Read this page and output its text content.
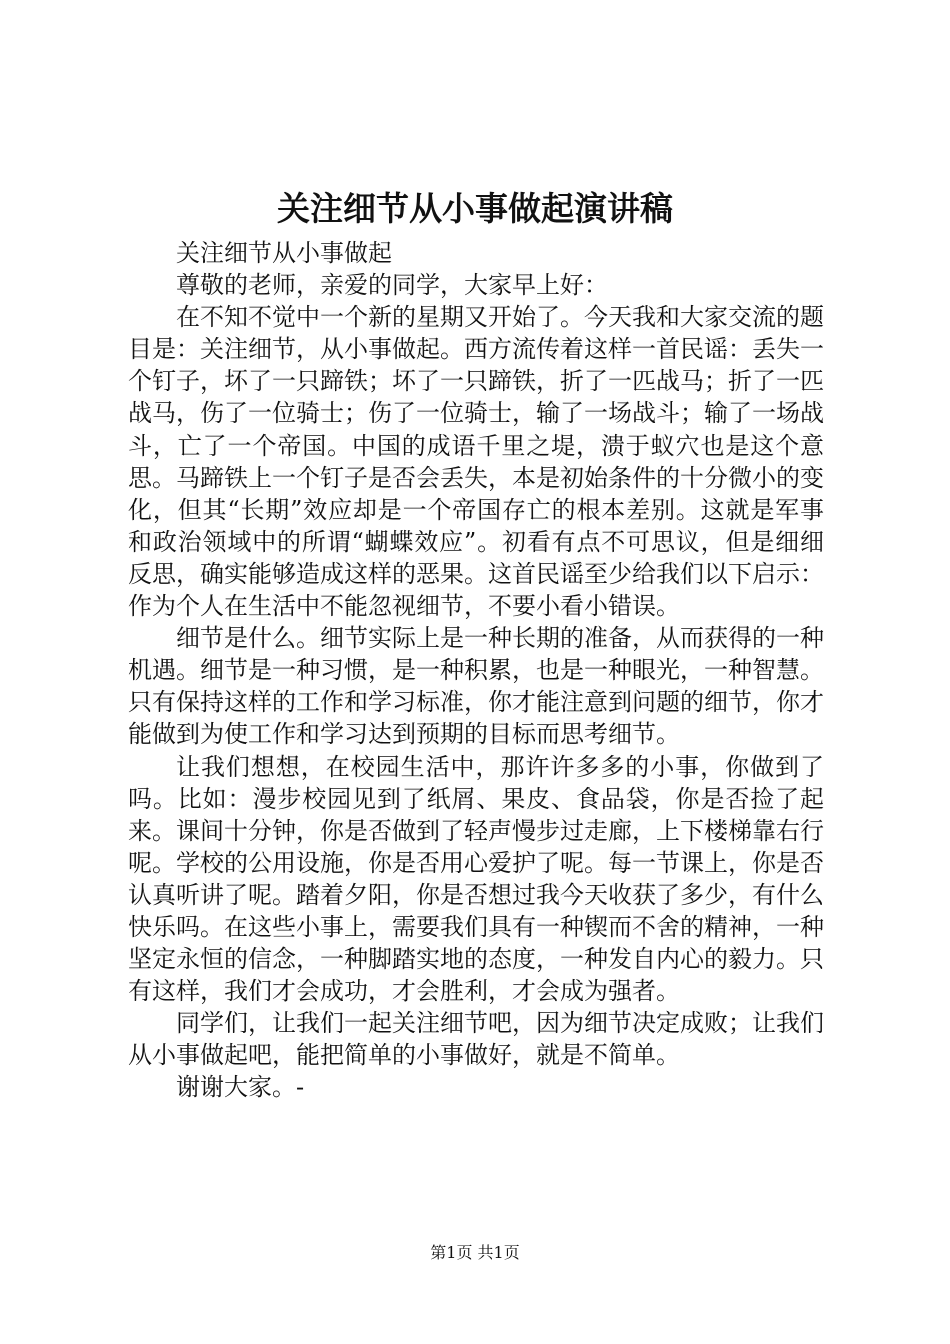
关注细节从小事做起演讲稿

关注细节从小事做起

尊敬的老师，亲爱的同学，大家早上好：

在不知不觉中一个新的星期又开始了。今天我和大家交流的题目是：关注细节，从小事做起。西方流传着这样一首民谣：丢失一个钉子，坏了一只蹄铁；坏了一只蹄铁，折了一匹战马；折了一匹战马，伤了一位骑士；伤了一位骑士，输了一场战斗；输了一场战斗，亡了一个帝国。中国的成语千里之堤，溃于蚁穴也是这个意思。马蹄铁上一个钉子是否会丢失，本是初始条件的十分微小的变化，但其“长期”效应却是一个帝国存亡的根本差别。这就是军事和政治领域中的所谓“蝴蝶效应”。初看有点不可思议，但是细细反思，确实能够造成这样的恶果。这首民谣至少给我们以下启示：作为个人在生活中不能忽视细节，不要小看小错误。

细节是什么。细节实际上是一种长期的准备，从而获得的一种机遇。细节是一种习惯，是一种积累，也是一种眼光，一种智慧。只有保持这样的工作和学习标准，你才能注意到问题的细节，你才能做到为使工作和学习达到预期的目标而思考细节。

让我们想想，在校园生活中，那许许多多的小事，你做到了吗。比如：漫步校园见到了纸屑、果皮、食品袋，你是否捡了起来。课间十分钟，你是否做到了轻声慢步过走廊，上下楼梯靠右行呢。学校的公用设施，你是否用心爱护了呢。每一节课上，你是否认真听讲了呢。踏着夕阳，你是否想过我今天收获了多少，有什么快乐吗。在这些小事上，需要我们具有一种锲而不舍的精神，一种坚定永恒的信念，一种脚踏实地的态度，一种发自内心的毅力。只有这样，我们才会成功，才会胜利，才会成为强者。

同学们，让我们一起关注细节吧，因为细节决定成败；让我们从小事做起吧，能把简单的小事做好，就是不简单。

谢谢大家。-

第1页 共1页
